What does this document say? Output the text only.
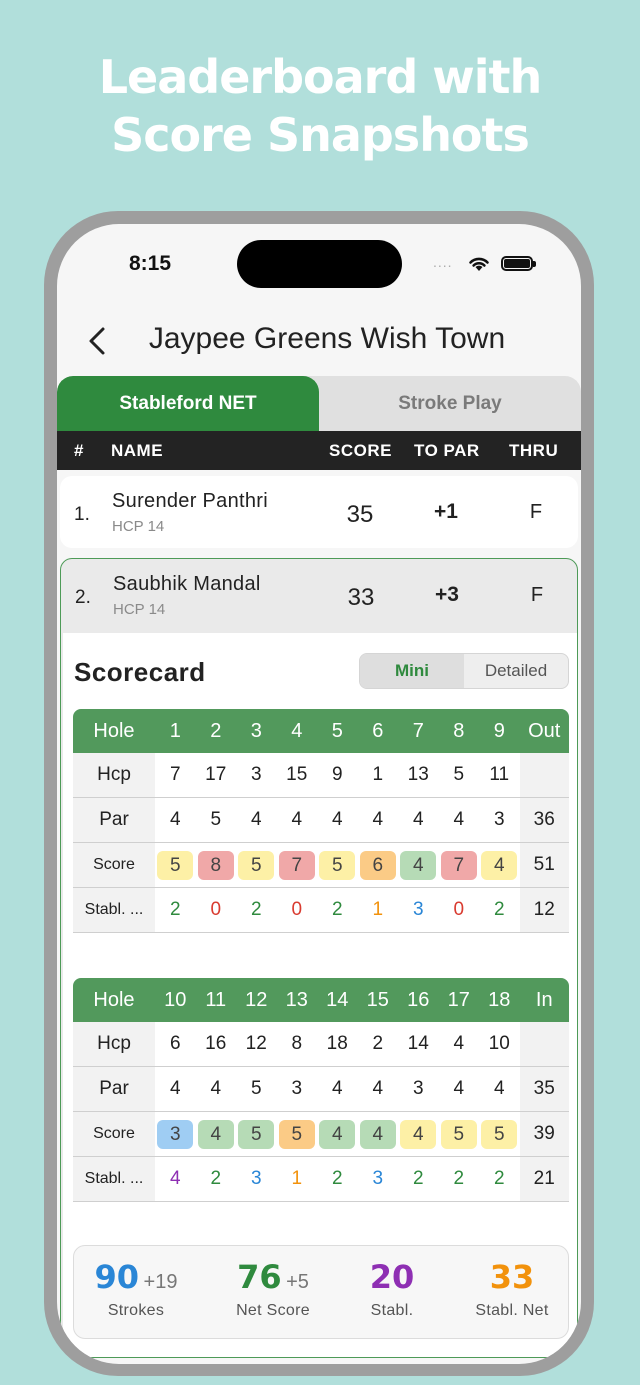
Leaderboard with
Score Snapshots
8:15	....
Jaypee Greens Wish Town
Stableford NET	Stroke Play
# NAME	SCORE TO PAR THRU
1.
Surender Panthri
HCP 14	35	+1	F
2.
Saubhik Mandal
HCP 14	33	+3	F
Scorecard	Mini	Detailed
Hole	1	2	3	4	5	6	7	8	9	Out
Hcp	7	17	3	15	9	1	13	5	11
Par	4	5	4	4	4	4	4	4	3	36
Score	5	8	5	7	5	6	4	7	4	51
Stabl. ...	2	0	2	0	2	1	3	0	2	12
Hole	10 11 12 13 14 15 16 17 18	In
Hcp	6	16	12	8	18	2	14	4	10
Par	4	4	5	3	4	4	3	4	4	35
Score	3	4	5	5	4	4	4	5	5	39
Stabl. ...	4	2	3	1	2	3	2	2	2	21
90 +19
Strokes
76 +5
Net Score
20
Stabl.
33
Stabl. Net
